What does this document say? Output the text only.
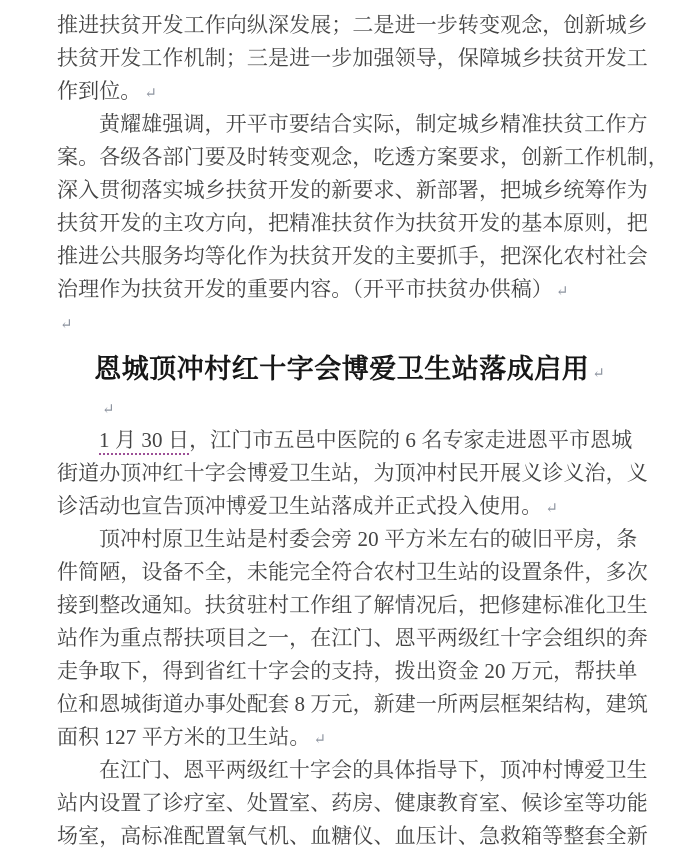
推进扶贫开发工作向纵深发展；二是进一步转变观念，创新城乡
扶贫开发工作机制；三是进一步加强领导，保障城乡扶贫开发工
作到位。 ↵
黄耀雄强调，开平市要结合实际，制定城乡精准扶贫工作方
案。各级各部门要及时转变观念，吃透方案要求，创新工作机制，
深入贯彻落实城乡扶贫开发的新要求、新部署，把城乡统筹作为
扶贫开发的主攻方向，把精准扶贫作为扶贫开发的基本原则，把
推进公共服务均等化作为扶贫开发的主要抓手，把深化农村社会
治理作为扶贫开发的重要内容。（开平市扶贫办供稿） ↵
↵
恩城顶冲村红十字会博爱卫生站落成启用 ↵
↵
1 月 30 日，江门市五邑中医院的 6 名专家走进恩平市恩城
街道办顶冲红十字会博爱卫生站，为顶冲村民开展义诊义治，义
诊活动也宣告顶冲博爱卫生站落成并正式投入使用。 ↵
顶冲村原卫生站是村委会旁 20 平方米左右的破旧平房，条
件简陋，设备不全，未能完全符合农村卫生站的设置条件，多次
接到整改通知。扶贫驻村工作组了解情况后，把修建标准化卫生
站作为重点帮扶项目之一，在江门、恩平两级红十字会组织的奔
走争取下，得到省红十字会的支持，拨出资金 20 万元，帮扶单
位和恩城街道办事处配套 8 万元，新建一所两层框架结构，建筑
面积 127 平方米的卫生站。 ↵
在江门、恩平两级红十字会的具体指导下，顶冲村博爱卫生
站内设置了诊疗室、处置室、药房、健康教育室、候诊室等功能
场室，高标准配置氧气机、血糖仪、血压计、急救箱等整套全新
